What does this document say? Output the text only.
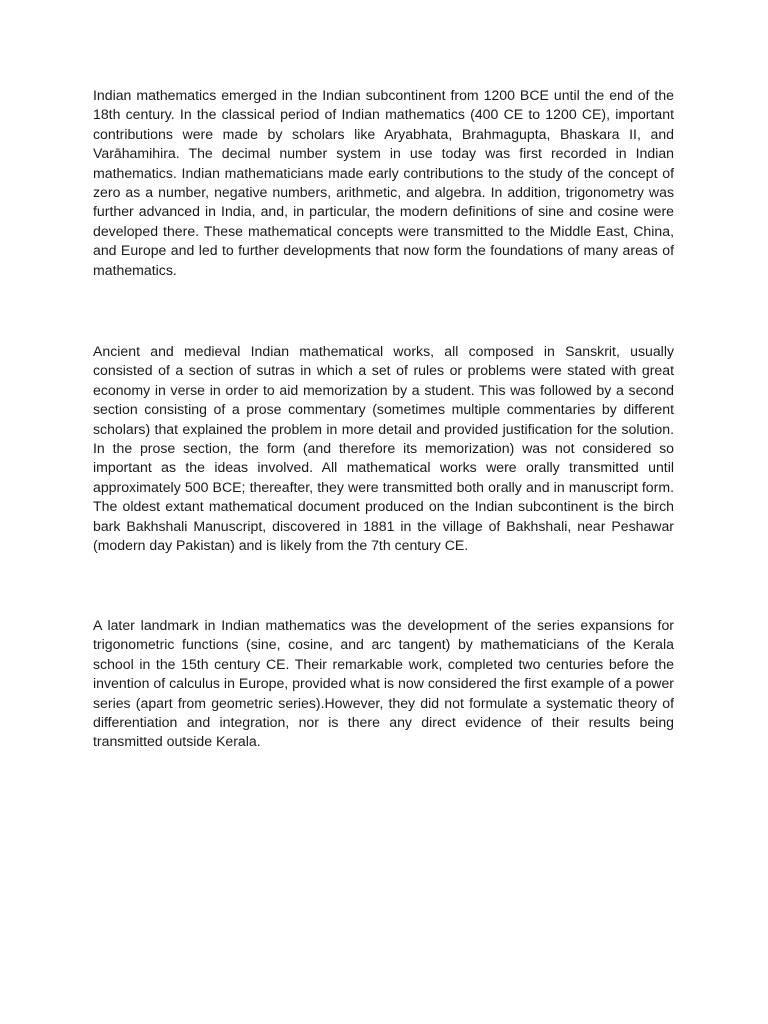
Indian mathematics emerged in the Indian subcontinent from 1200 BCE until the end of the 18th century. In the classical period of Indian mathematics (400 CE to 1200 CE), important contributions were made by scholars like Aryabhata, Brahmagupta, Bhaskara II, and Varāhamihira. The decimal number system in use today was first recorded in Indian mathematics. Indian mathematicians made early contributions to the study of the concept of zero as a number, negative numbers, arithmetic, and algebra. In addition, trigonometry was further advanced in India, and, in particular, the modern definitions of sine and cosine were developed there. These mathematical concepts were transmitted to the Middle East, China, and Europe and led to further developments that now form the foundations of many areas of mathematics.

Ancient and medieval Indian mathematical works, all composed in Sanskrit, usually consisted of a section of sutras in which a set of rules or problems were stated with great economy in verse in order to aid memorization by a student. This was followed by a second section consisting of a prose commentary (sometimes multiple commentaries by different scholars) that explained the problem in more detail and provided justification for the solution. In the prose section, the form (and therefore its memorization) was not considered so important as the ideas involved. All mathematical works were orally transmitted until approximately 500 BCE; thereafter, they were transmitted both orally and in manuscript form. The oldest extant mathematical document produced on the Indian subcontinent is the birch bark Bakhshali Manuscript, discovered in 1881 in the village of Bakhshali, near Peshawar (modern day Pakistan) and is likely from the 7th century CE.

A later landmark in Indian mathematics was the development of the series expansions for trigonometric functions (sine, cosine, and arc tangent) by mathematicians of the Kerala school in the 15th century CE. Their remarkable work, completed two centuries before the invention of calculus in Europe, provided what is now considered the first example of a power series (apart from geometric series).However, they did not formulate a systematic theory of differentiation and integration, nor is there any direct evidence of their results being transmitted outside Kerala.
